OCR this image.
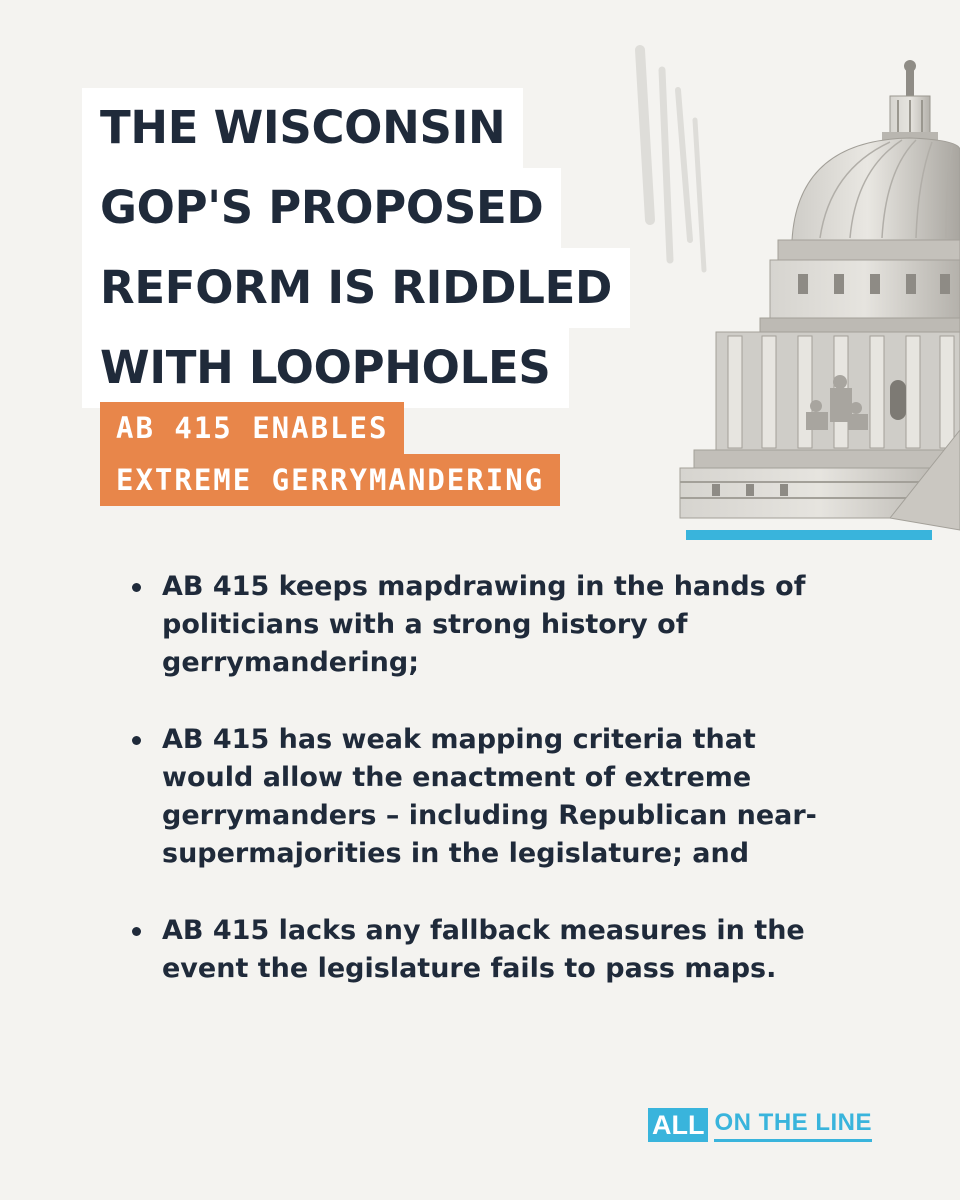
THE WISCONSIN
GOP'S PROPOSED
REFORM IS RIDDLED
WITH LOOPHOLES
AB 415 ENABLES
EXTREME GERRYMANDERING
AB 415 keeps mapdrawing in the hands of politicians with a strong history of gerrymandering;
AB 415 has weak mapping criteria that would allow the enactment of extreme gerrymanders – including Republican near-supermajorities in the legislature; and
AB 415 lacks any fallback measures in the event the legislature fails to pass maps.
ALL ON THE LINE
